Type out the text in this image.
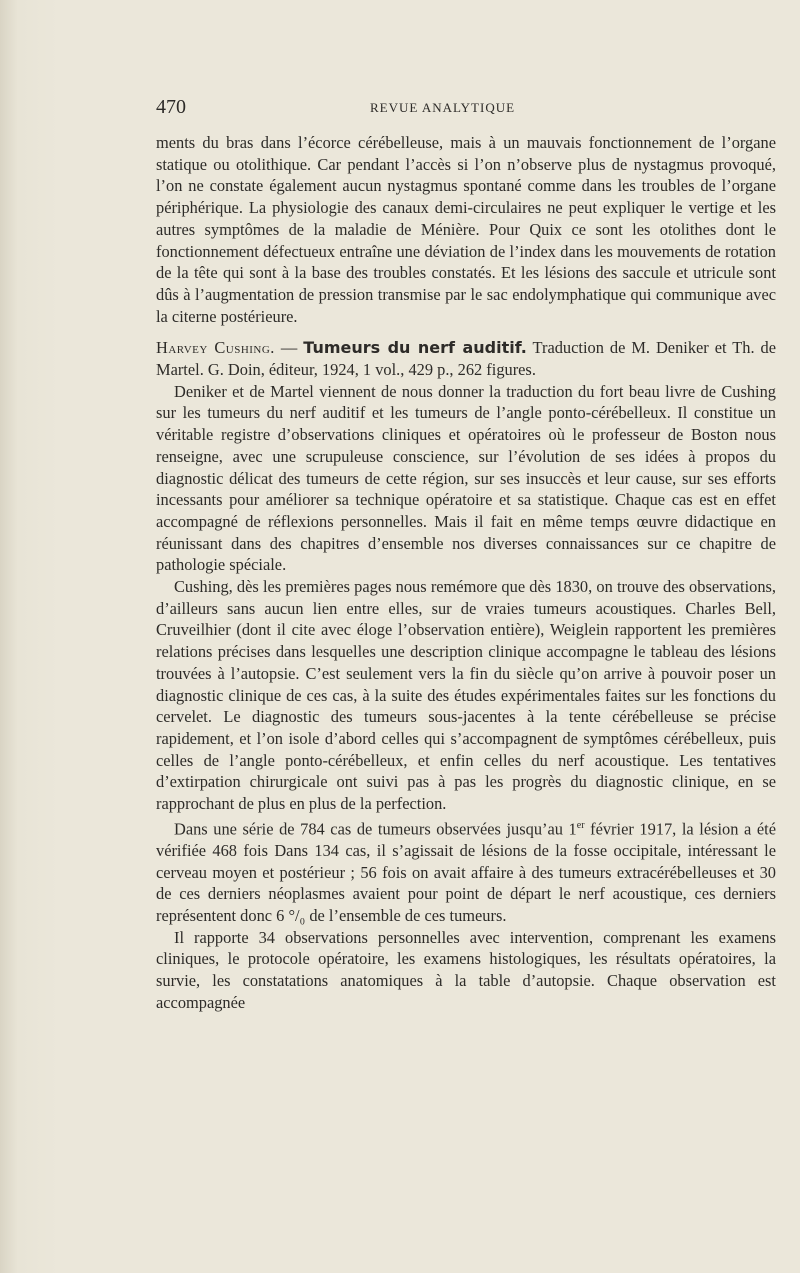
470	REVUE ANALYTIQUE

ments du bras dans l’écorce cérébelleuse, mais à un mauvais fonctionnement de l’organe statique ou otolithique. Car pendant l’accès si l’on n’observe plus de nystagmus provoqué, l’on ne constate également aucun nystagmus spontané comme dans les troubles de l’organe périphérique. La physiologie des canaux demi-circulaires ne peut expliquer le vertige et les autres symptômes de la maladie de Ménière. Pour Quix ce sont les otolithes dont le fonctionnement défectueux entraîne une déviation de l’index dans les mouvements de rotation de la tête qui sont à la base des troubles constatés. Et les lésions des saccule et utricule sont dûs à l’augmentation de pression transmise par le sac endolymphatique qui communique avec la citerne postérieure.

Harvey Cushing. — Tumeurs du nerf auditif. Traduction de M. Deniker et Th. de Martel. G. Doin, éditeur, 1924, 1 vol., 429 p., 262 figures.

Deniker et de Martel viennent de nous donner la traduction du fort beau livre de Cushing sur les tumeurs du nerf auditif et les tumeurs de l’angle ponto-cérébelleux. Il constitue un véritable registre d’observations cliniques et opératoires où le professeur de Boston nous renseigne, avec une scrupuleuse conscience, sur l’évolution de ses idées à propos du diagnostic délicat des tumeurs de cette région, sur ses insuccès et leur cause, sur ses efforts incessants pour améliorer sa technique opératoire et sa statistique. Chaque cas est en effet accompagné de réflexions personnelles. Mais il fait en même temps œuvre didactique en réunissant dans des chapitres d’ensemble nos diverses connaissances sur ce chapitre de pathologie spéciale.

Cushing, dès les premières pages nous remémore que dès 1830, on trouve des observations, d’ailleurs sans aucun lien entre elles, sur de vraies tumeurs acoustiques. Charles Bell, Cruveilhier (dont il cite avec éloge l’observation entière), Weiglein rapportent les premières relations précises dans lesquelles une description clinique accompagne le tableau des lésions trouvées à l’autopsie. C’est seulement vers la fin du siècle qu’on arrive à pouvoir poser un diagnostic clinique de ces cas, à la suite des études expérimentales faites sur les fonctions du cervelet. Le diagnostic des tumeurs sous-jacentes à la tente cérébelleuse se précise rapidement, et l’on isole d’abord celles qui s’accompagnent de symptômes cérébelleux, puis celles de l’angle ponto-cérébelleux, et enfin celles du nerf acoustique. Les tentatives d’extirpation chirurgicale ont suivi pas à pas les progrès du diagnostic clinique, en se rapprochant de plus en plus de la perfection.

Dans une série de 784 cas de tumeurs observées jusqu’au 1er février 1917, la lésion a été vérifiée 468 fois Dans 134 cas, il s’agissait de lésions de la fosse occipitale, intéressant le cerveau moyen et postérieur ; 56 fois on avait affaire à des tumeurs extracérébelleuses et 30 de ces derniers néoplasmes avaient pour point de départ le nerf acoustique, ces derniers représentent donc 6 °/₀ de l’ensemble de ces tumeurs.

Il rapporte 34 observations personnelles avec intervention, comprenant les examens cliniques, le protocole opératoire, les examens histologiques, les résultats opératoires, la survie, les constatations anatomiques à la table d’autopsie. Chaque observation est accompagnée
